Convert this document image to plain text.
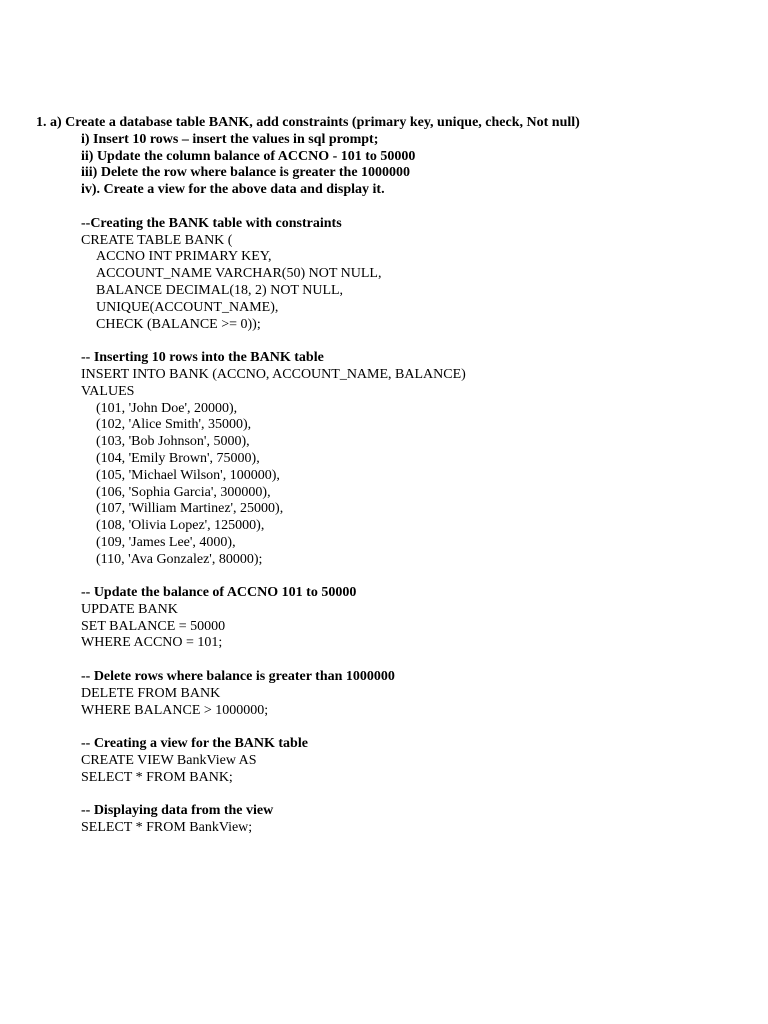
1. a) Create a database table BANK, add constraints (primary key, unique, check, Not null)
i) Insert 10 rows – insert the values in sql prompt;
ii) Update the column balance of ACCNO - 101 to 50000
iii) Delete the row where balance is greater the 1000000
iv). Create a view for the above data and display it.
--Creating the BANK table with constraints
CREATE TABLE BANK (
ACCNO INT PRIMARY KEY,
ACCOUNT_NAME VARCHAR(50) NOT NULL,
BALANCE DECIMAL(18, 2) NOT NULL,
UNIQUE(ACCOUNT_NAME),
CHECK (BALANCE >= 0));
-- Inserting 10 rows into the BANK table
INSERT INTO BANK (ACCNO, ACCOUNT_NAME, BALANCE)
VALUES
(101, 'John Doe', 20000),
(102, 'Alice Smith', 35000),
(103, 'Bob Johnson', 5000),
(104, 'Emily Brown', 75000),
(105, 'Michael Wilson', 100000),
(106, 'Sophia Garcia', 300000),
(107, 'William Martinez', 25000),
(108, 'Olivia Lopez', 125000),
(109, 'James Lee', 4000),
(110, 'Ava Gonzalez', 80000);
-- Update the balance of ACCNO 101 to 50000
UPDATE BANK
SET BALANCE = 50000
WHERE ACCNO = 101;
-- Delete rows where balance is greater than 1000000
DELETE FROM BANK
WHERE BALANCE > 1000000;
-- Creating a view for the BANK table
CREATE VIEW BankView AS
SELECT * FROM BANK;
-- Displaying data from the view
SELECT * FROM BankView;
